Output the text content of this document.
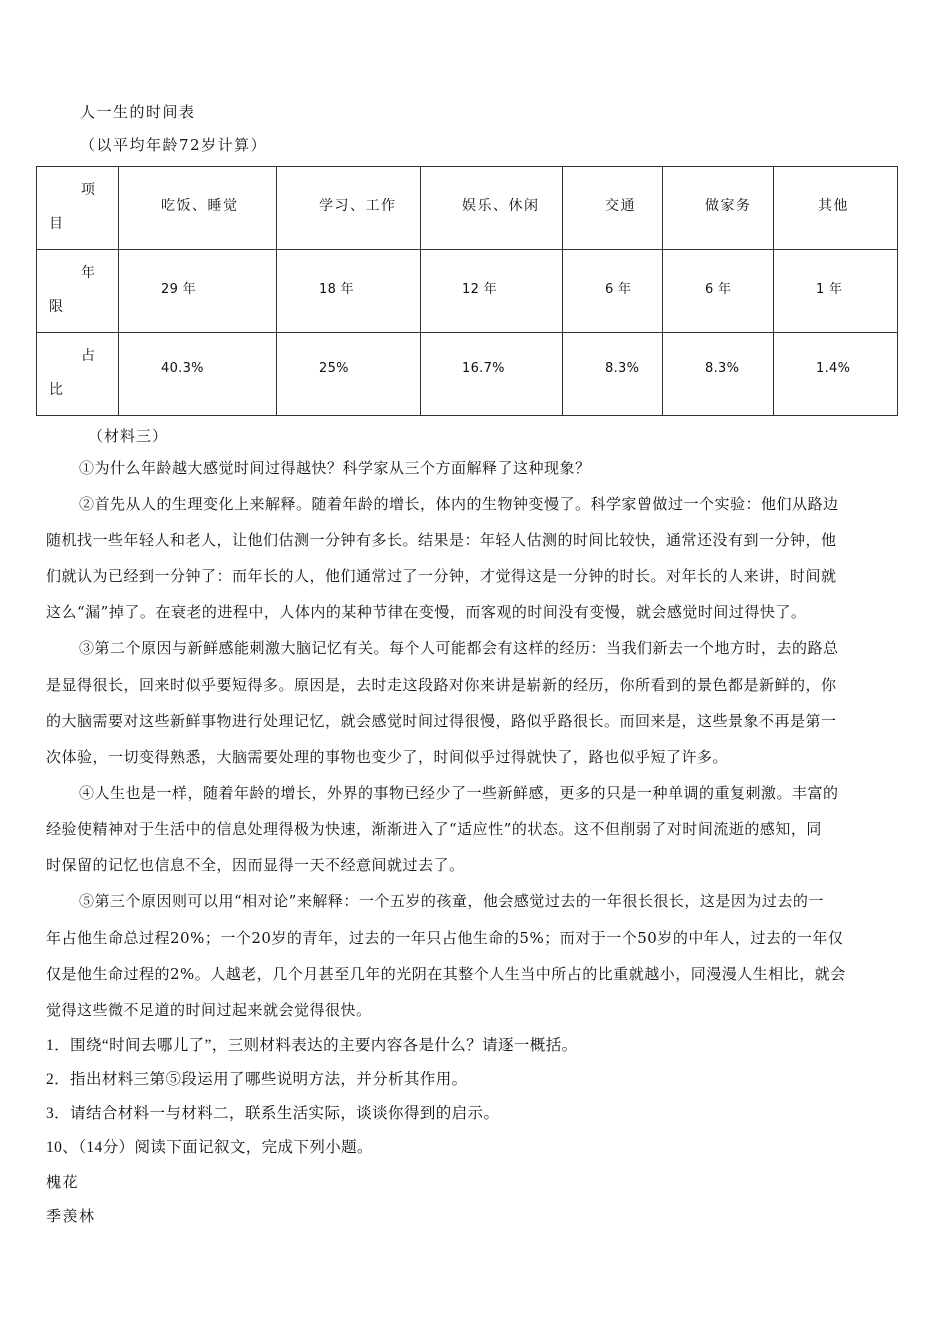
人一生的时间表
（以平均年龄72岁计算）
项
目	吃饭、睡觉	学习、工作	娱乐、休闲	交通	做家务	其他

年
限	29 年	18 年	12 年	6 年	6 年	1 年

占
比	40.3%	25%	16.7%	8.3%	8.3%	1.4%
（材料三）
①为什么年龄越大感觉时间过得越快？科学家从三个方面解释了这种现象？
②首先从人的生理变化上来解释。随着年龄的增长，体内的生物钟变慢了。科学家曾做过一个实验：他们从路边
随机找一些年轻人和老人，让他们估测一分钟有多长。结果是：年轻人估测的时间比较快，通常还没有到一分钟，他
们就认为已经到一分钟了：而年长的人，他们通常过了一分钟，才觉得这是一分钟的时长。对年长的人来讲，时间就
这么“漏”掉了。在衰老的进程中，人体内的某种节律在变慢，而客观的时间没有变慢，就会感觉时间过得快了。
③第二个原因与新鲜感能刺激大脑记忆有关。每个人可能都会有这样的经历：当我们新去一个地方时，去的路总
是显得很长，回来时似乎要短得多。原因是，去时走这段路对你来讲是崭新的经历，你所看到的景色都是新鲜的，你
的大脑需要对这些新鲜事物进行处理记忆，就会感觉时间过得很慢，路似乎路很长。而回来是，这些景象不再是第一
次体验，一切变得熟悉，大脑需要处理的事物也变少了，时间似乎过得就快了，路也似乎短了许多。
④人生也是一样，随着年龄的增长，外界的事物已经少了一些新鲜感，更多的只是一种单调的重复刺激。丰富的
经验使精神对于生活中的信息处理得极为快速，渐渐进入了“适应性”的状态。这不但削弱了对时间流逝的感知，同
时保留的记忆也信息不全，因而显得一天不经意间就过去了。
⑤第三个原因则可以用“相对论”来解释：一个五岁的孩童，他会感觉过去的一年很长很长，这是因为过去的一
年占他生命总过程20%；一个20岁的青年，过去的一年只占他生命的5%；而对于一个50岁的中年人，过去的一年仅
仅是他生命过程的2%。人越老，几个月甚至几年的光阴在其整个人生当中所占的比重就越小，同漫漫人生相比，就会
觉得这些微不足道的时间过起来就会觉得很快。
1．围绕“时间去哪儿了”，三则材料表达的主要内容各是什么？请逐一概括。
2．指出材料三第⑤段运用了哪些说明方法，并分析其作用。
3．请结合材料一与材料二，联系生活实际，谈谈你得到的启示。
10、（14分）阅读下面记叙文，完成下列小题。
槐花
季羡林
